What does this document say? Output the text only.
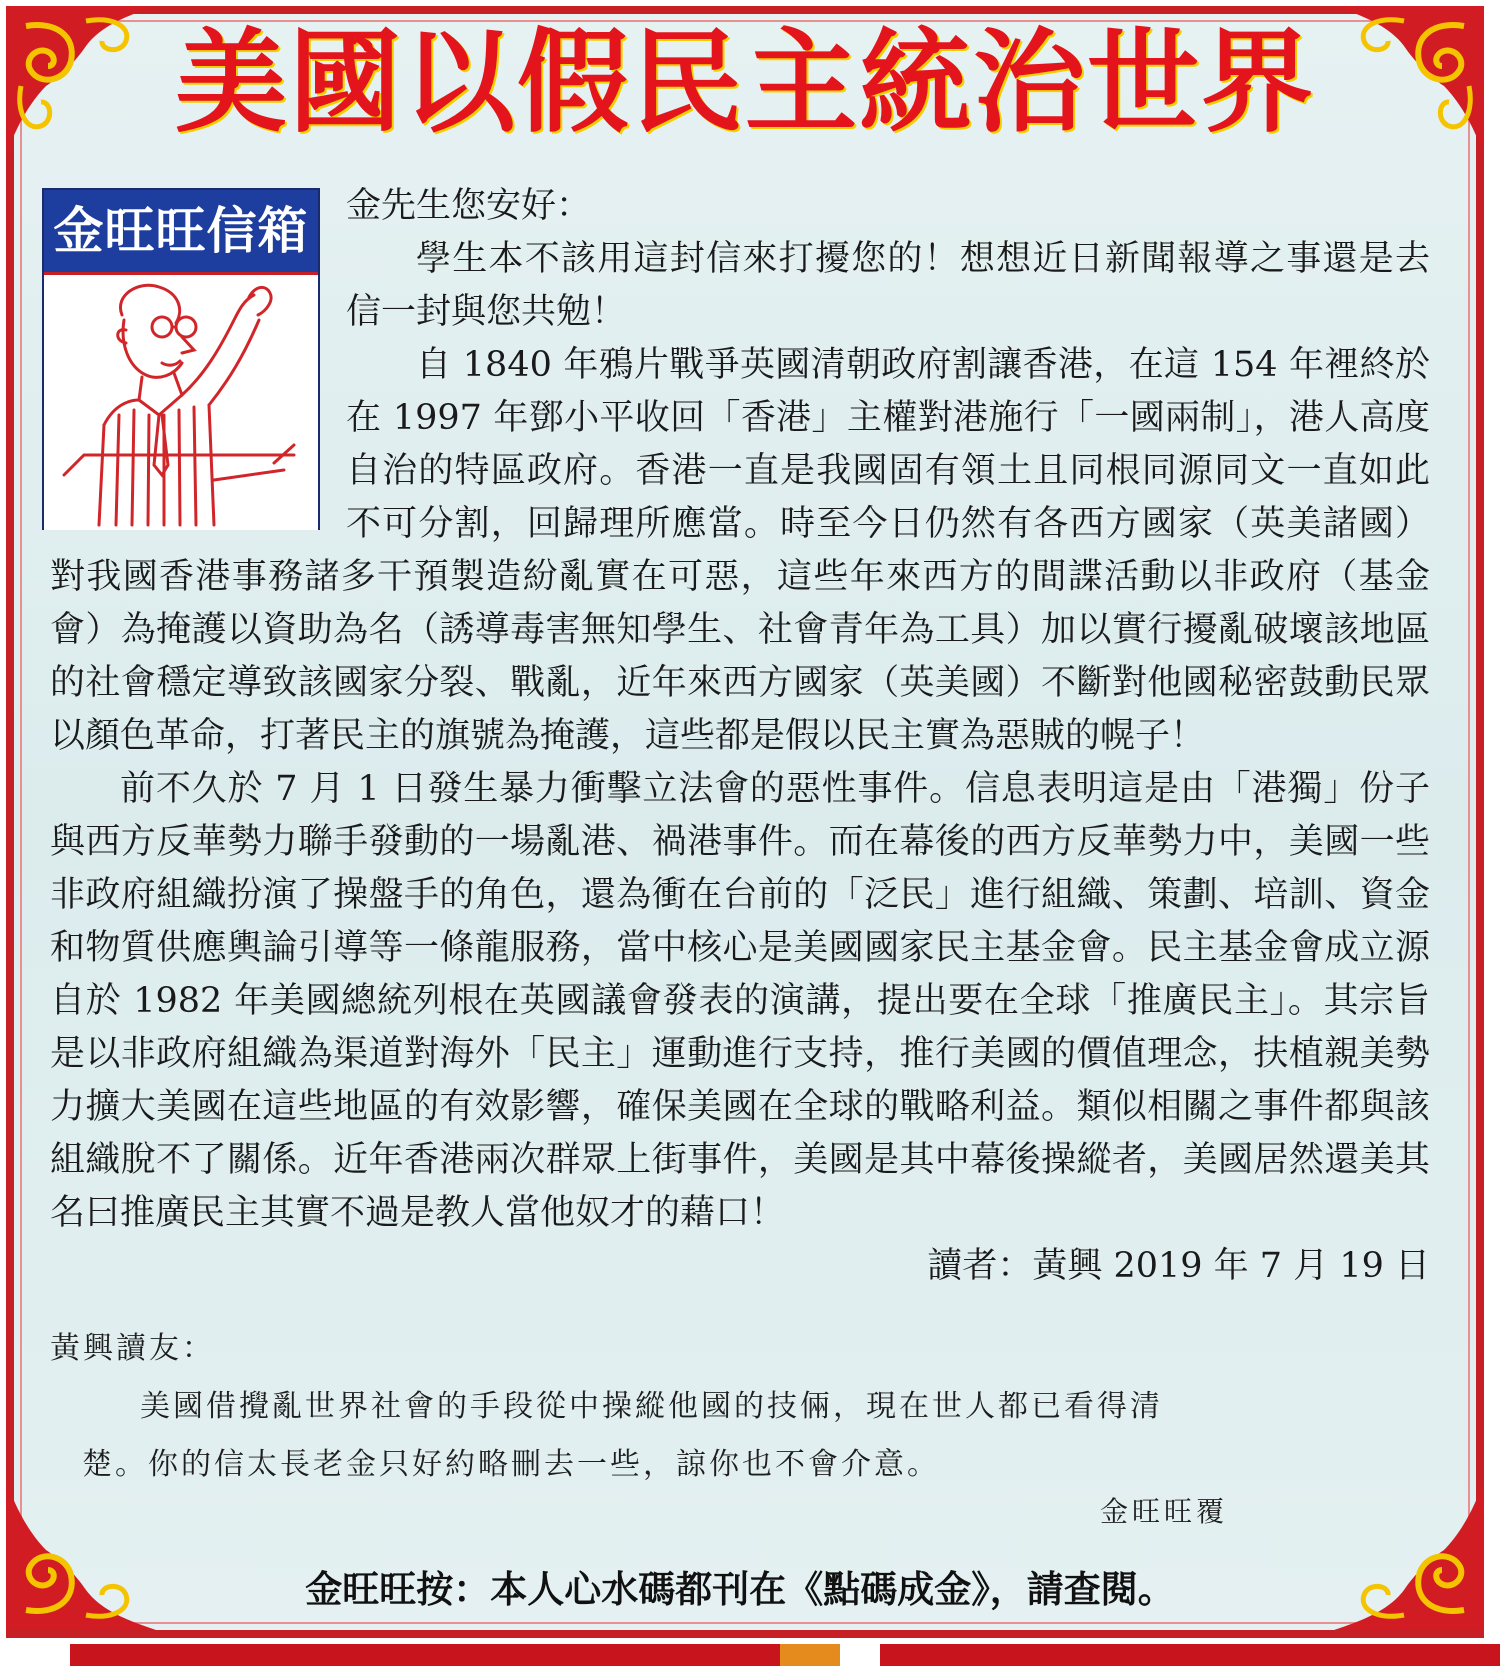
美國以假民主統治世界
金旺旺信箱	金先生您安好：

學生本不該用這封信來打擾您的！想想近日新聞報導之事還是去信一封與您共勉！

自 1840 年鴉片戰爭英國清朝政府割讓香港，在這 154 年裡終於在 1997 年鄧小平收回「香港」主權對港施行「一國兩制」，港人高度自治的特區政府。香港一直是我國固有領土且同根同源同文一直如此不可分割，回歸理所應當。時至今日仍然有各西方國家（英美諸國）對我國香港事務諸多干預製造紛亂實在可惡，這些年來西方的間諜活動以非政府（基金會）為掩護以資助為名（誘導毒害無知學生、社會青年為工具）加以實行擾亂破壞該地區的社會穩定導致該國家分裂、戰亂，近年來西方國家（英美國）不斷對他國秘密鼓動民眾以顏色革命，打著民主的旗號為掩護，這些都是假以民主實為惡賊的幌子！

前不久於 7 月 1 日發生暴力衝擊立法會的惡性事件。信息表明這是由「港獨」份子與西方反華勢力聯手發動的一場亂港、禍港事件。而在幕後的西方反華勢力中，美國一些非政府組織扮演了操盤手的角色，還為衝在台前的「泛民」進行組織、策劃、培訓、資金和物質供應輿論引導等一條龍服務，當中核心是美國國家民主基金會。民主基金會成立源自於 1982 年美國總統列根在英國議會發表的演講，提出要在全球「推廣民主」。其宗旨是以非政府組織為渠道對海外「民主」運動進行支持，推行美國的價值理念，扶植親美勢力擴大美國在這些地區的有效影響，確保美國在全球的戰略利益。類似相關之事件都與該組織脫不了關係。近年香港兩次群眾上街事件，美國是其中幕後操縱者，美國居然還美其名曰推廣民主其實不過是教人當他奴才的藉口！

讀者：黃興 2019 年 7 月 19 日

黃興讀友：

美國借攪亂世界社會的手段從中操縱他國的技倆，現在世人都已看得清

楚。你的信太長老金只好約略刪去一些，諒你也不會介意。

金旺旺覆
金旺旺按：本人心水碼都刊在《點碼成金》，請查閱。
